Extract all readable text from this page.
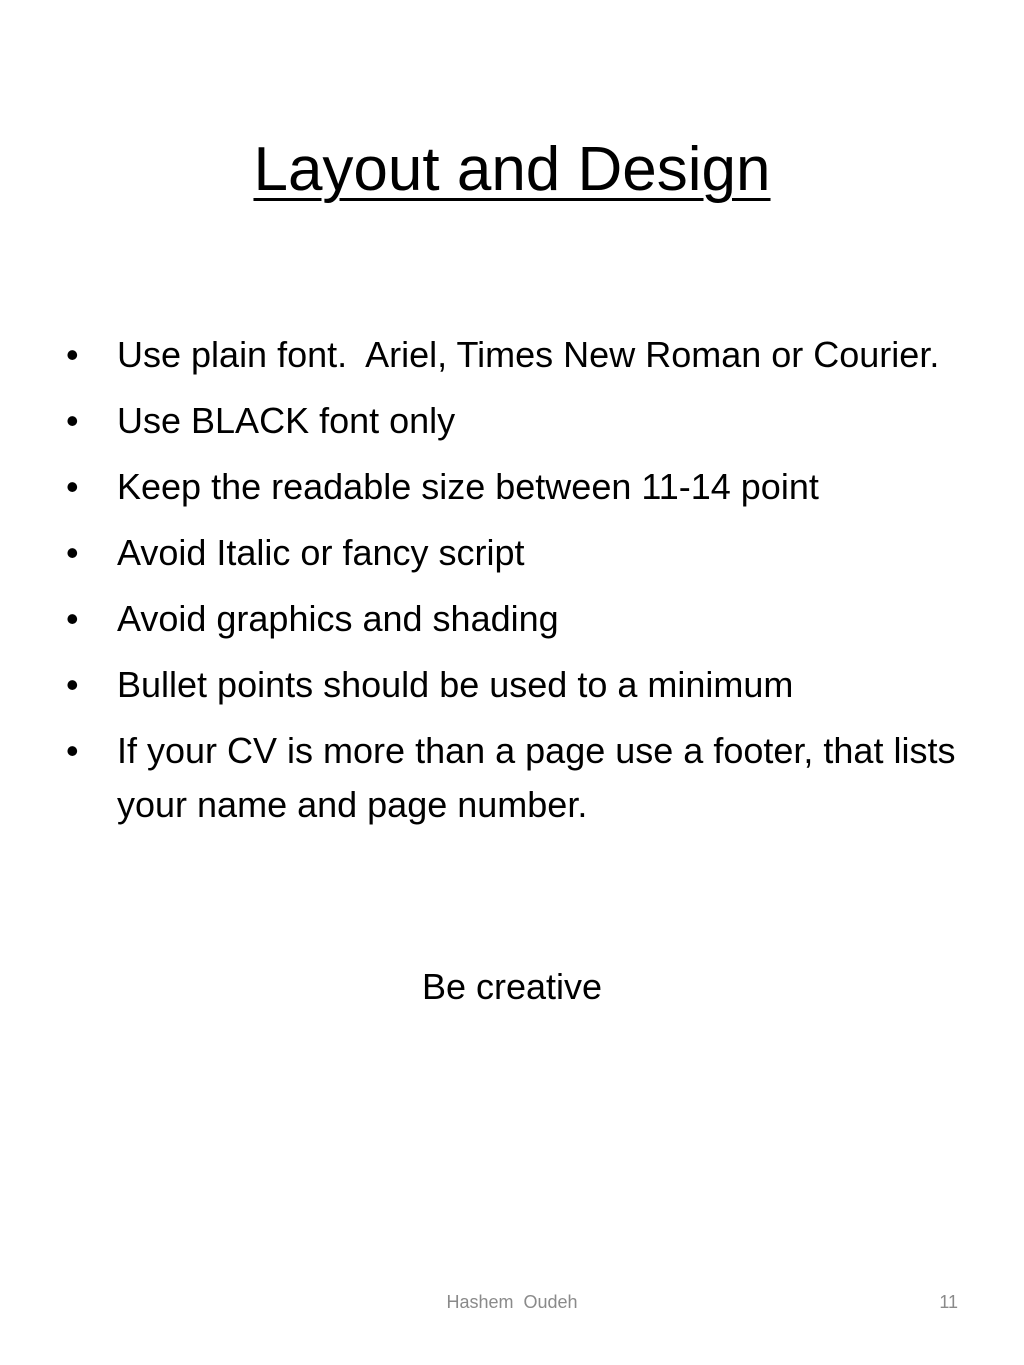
Layout and Design
• Use plain font.  Ariel, Times New Roman or Courier.
• Use BLACK font only
• Keep the readable size between 11-14 point
• Avoid Italic or fancy script
• Avoid graphics and shading
• Bullet points should be used to a minimum
• If your CV is more than a page use a footer, that lists your name and page number.

Be creative

Hashem  Oudeh	11
